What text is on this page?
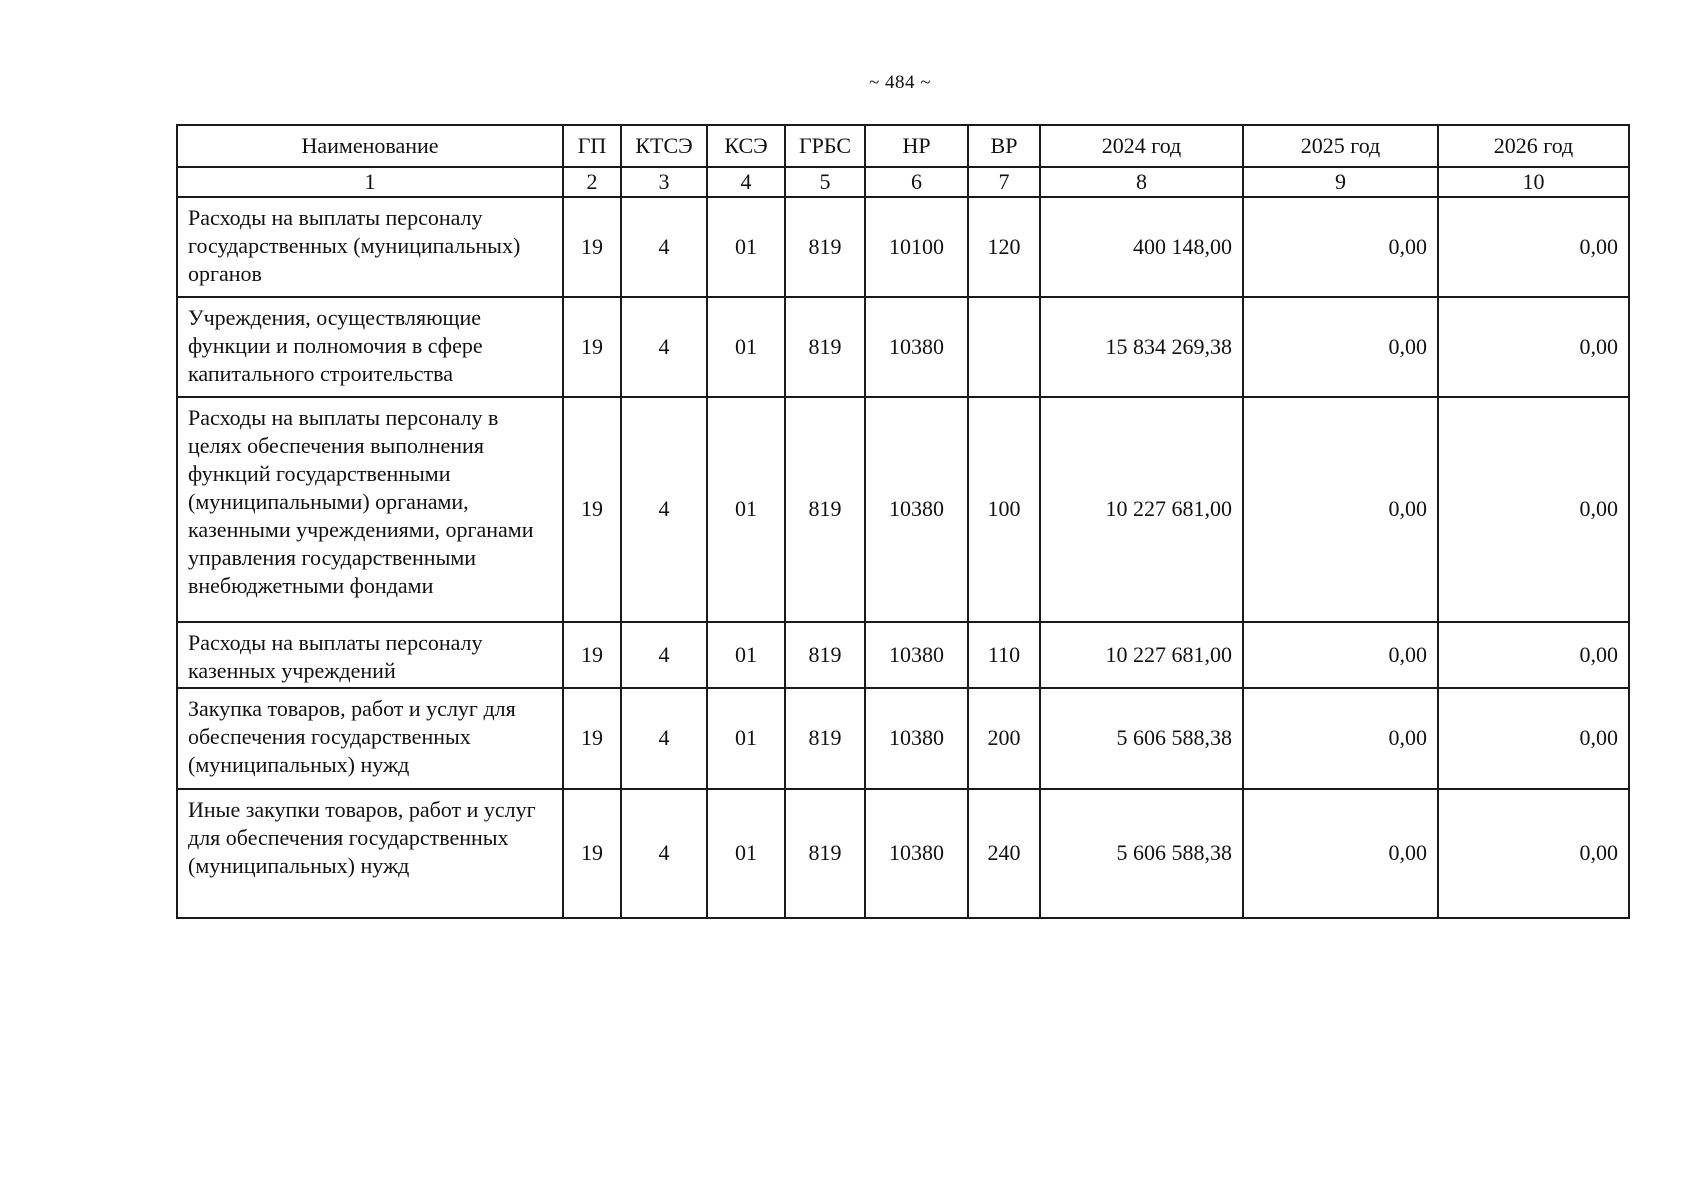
~ 484 ~
Наименование	ГП	КТСЭ	КСЭ	ГРБС	НР	ВР	2024 год	2025 год	2026 год
1	2	3	4	5	6	7	8	9	10
Расходы на выплаты персоналу государственных (муниципальных) органов	19	4	01	819	10100	120	400 148,00	0,00	0,00
Учреждения, осуществляющие функции и полномочия в сфере капитального строительства	19	4	01	819	10380		15 834 269,38	0,00	0,00
Расходы на выплаты персоналу в целях обеспечения выполнения функций государственными (муниципальными) органами, казенными учреждениями, органами управления государственными внебюджетными фондами	19	4	01	819	10380	100	10 227 681,00	0,00	0,00
Расходы на выплаты персоналу казенных учреждений	19	4	01	819	10380	110	10 227 681,00	0,00	0,00
Закупка товаров, работ и услуг для обеспечения государственных (муниципальных) нужд	19	4	01	819	10380	200	5 606 588,38	0,00	0,00
Иные закупки товаров, работ и услуг для обеспечения государственных (муниципальных) нужд	19	4	01	819	10380	240	5 606 588,38	0,00	0,00
